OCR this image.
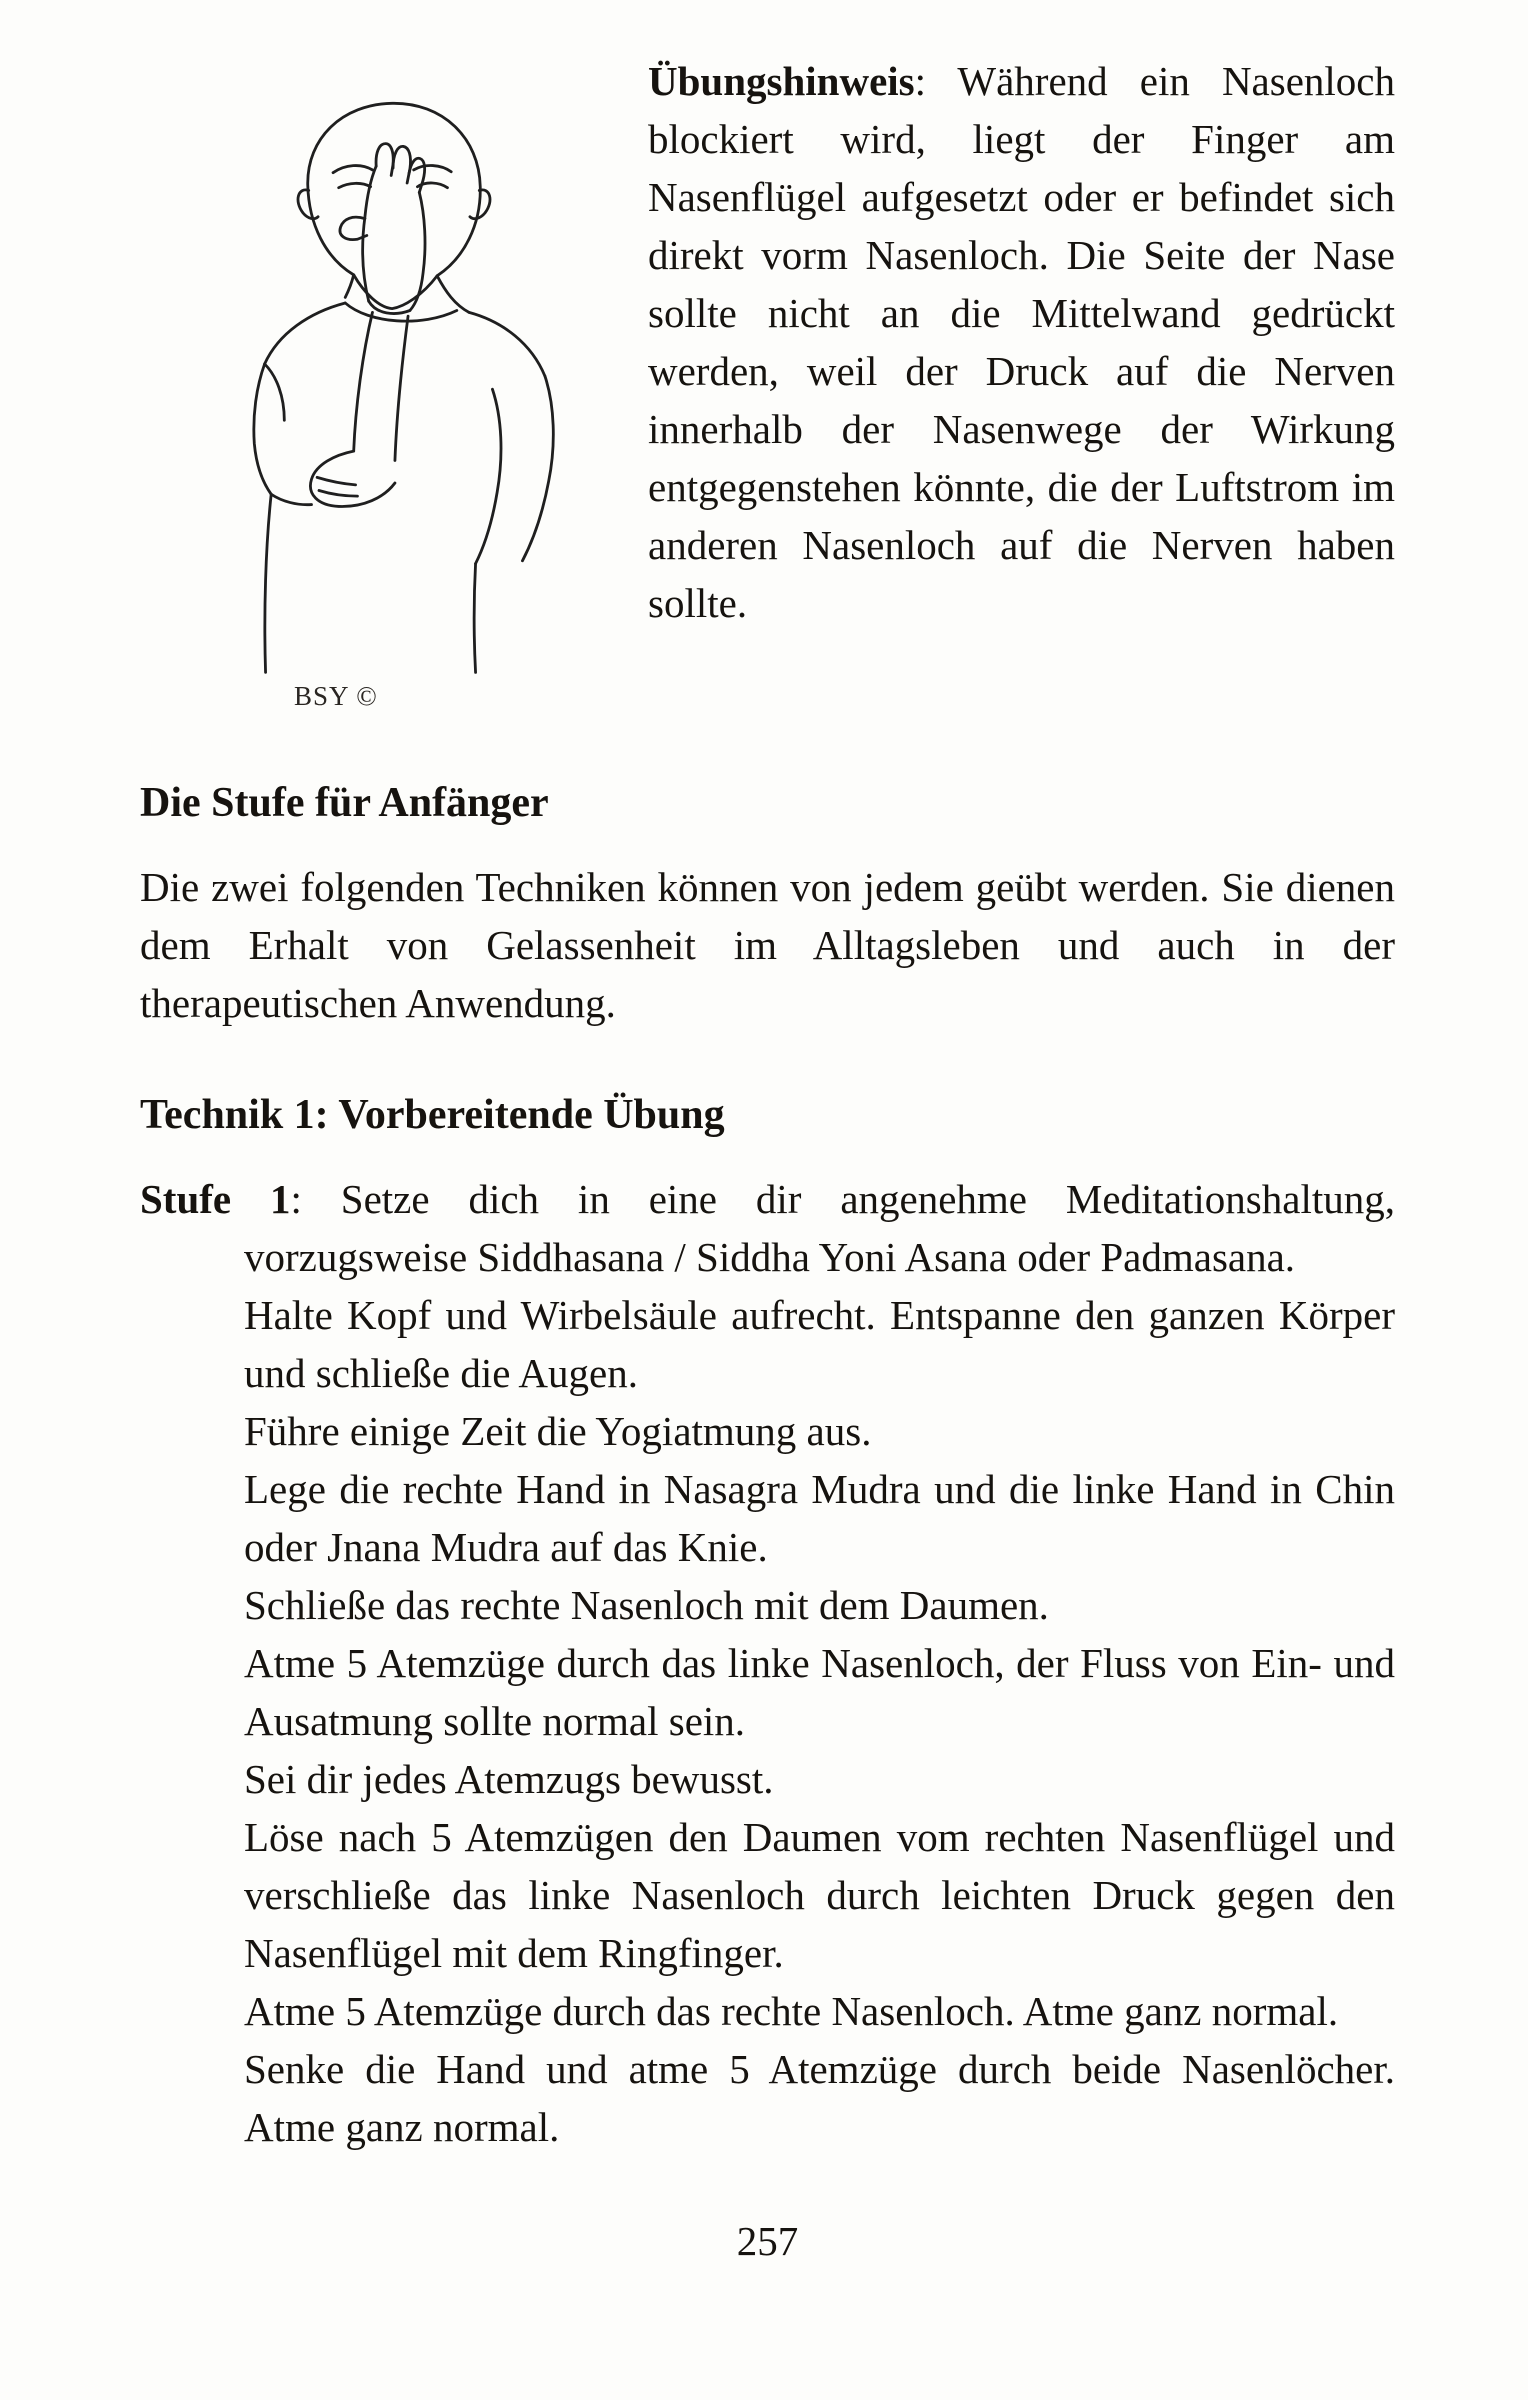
BSY ©

Übungshinweis: Während ein Nasenloch blockiert wird, liegt der Finger am Nasenflügel aufgesetzt oder er befindet sich direkt vorm Nasenloch. Die Seite der Nase sollte nicht an die Mittelwand gedrückt werden, weil der Druck auf die Nerven innerhalb der Nasenwege der Wirkung entgegenstehen könnte, die der Luftstrom im anderen Nasenloch auf die Nerven haben sollte.

Die Stufe für Anfänger

Die zwei folgenden Techniken können von jedem geübt werden. Sie dienen dem Erhalt von Gelassenheit im Alltagsleben und auch in der therapeutischen Anwendung.

Technik 1: Vorbereitende Übung

Stufe 1: Setze dich in eine dir angenehme Meditationshaltung, vorzugsweise Siddhasana / Siddha Yoni Asana oder Padmasana.

Halte Kopf und Wirbelsäule aufrecht. Entspanne den ganzen Körper und schließe die Augen.

Führe einige Zeit die Yogiatmung aus.

Lege die rechte Hand in Nasagra Mudra und die linke Hand in Chin oder Jnana Mudra auf das Knie.

Schließe das rechte Nasenloch mit dem Daumen.

Atme 5 Atemzüge durch das linke Nasenloch, der Fluss von Ein- und Ausatmung sollte normal sein.

Sei dir jedes Atemzugs bewusst.

Löse nach 5 Atemzügen den Daumen vom rechten Nasenflügel und verschließe das linke Nasenloch durch leichten Druck gegen den Nasenflügel mit dem Ringfinger.

Atme 5 Atemzüge durch das rechte Nasenloch. Atme ganz normal.

Senke die Hand und atme 5 Atemzüge durch beide Nasenlöcher. Atme ganz normal.

257
